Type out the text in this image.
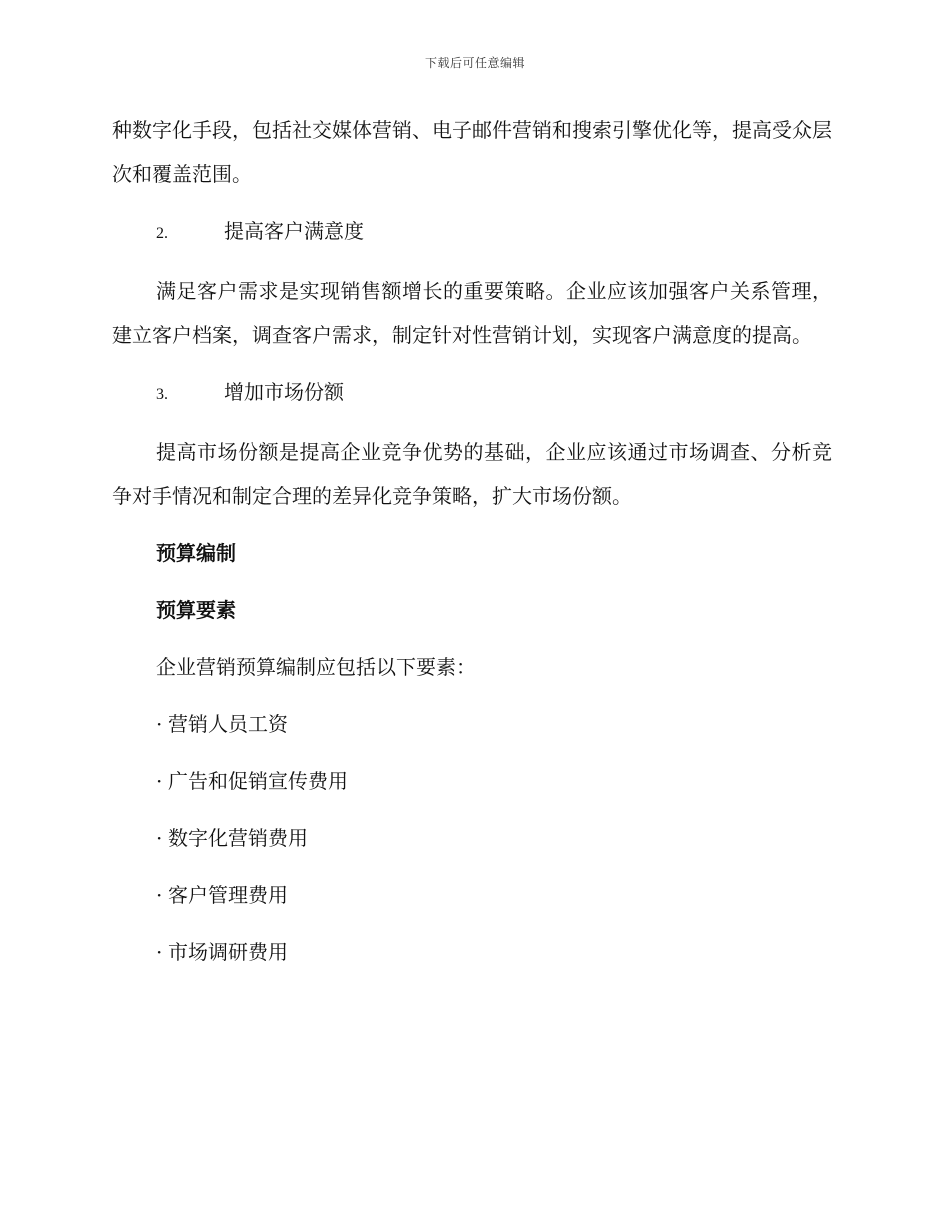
下载后可任意编辑

种数字化手段，包括社交媒体营销、电子邮件营销和搜索引擎优化等，提高受众层次和覆盖范围。

2.	提高客户满意度

满足客户需求是实现销售额增长的重要策略。企业应该加强客户关系管理，建立客户档案，调查客户需求，制定针对性营销计划，实现客户满意度的提高。

3.	增加市场份额

提高市场份额是提高企业竞争优势的基础，企业应该通过市场调查、分析竞争对手情况和制定合理的差异化竞争策略，扩大市场份额。

预算编制

预算要素

企业营销预算编制应包括以下要素：

· 营销人员工资

· 广告和促销宣传费用

· 数字化营销费用

· 客户管理费用

· 市场调研费用
